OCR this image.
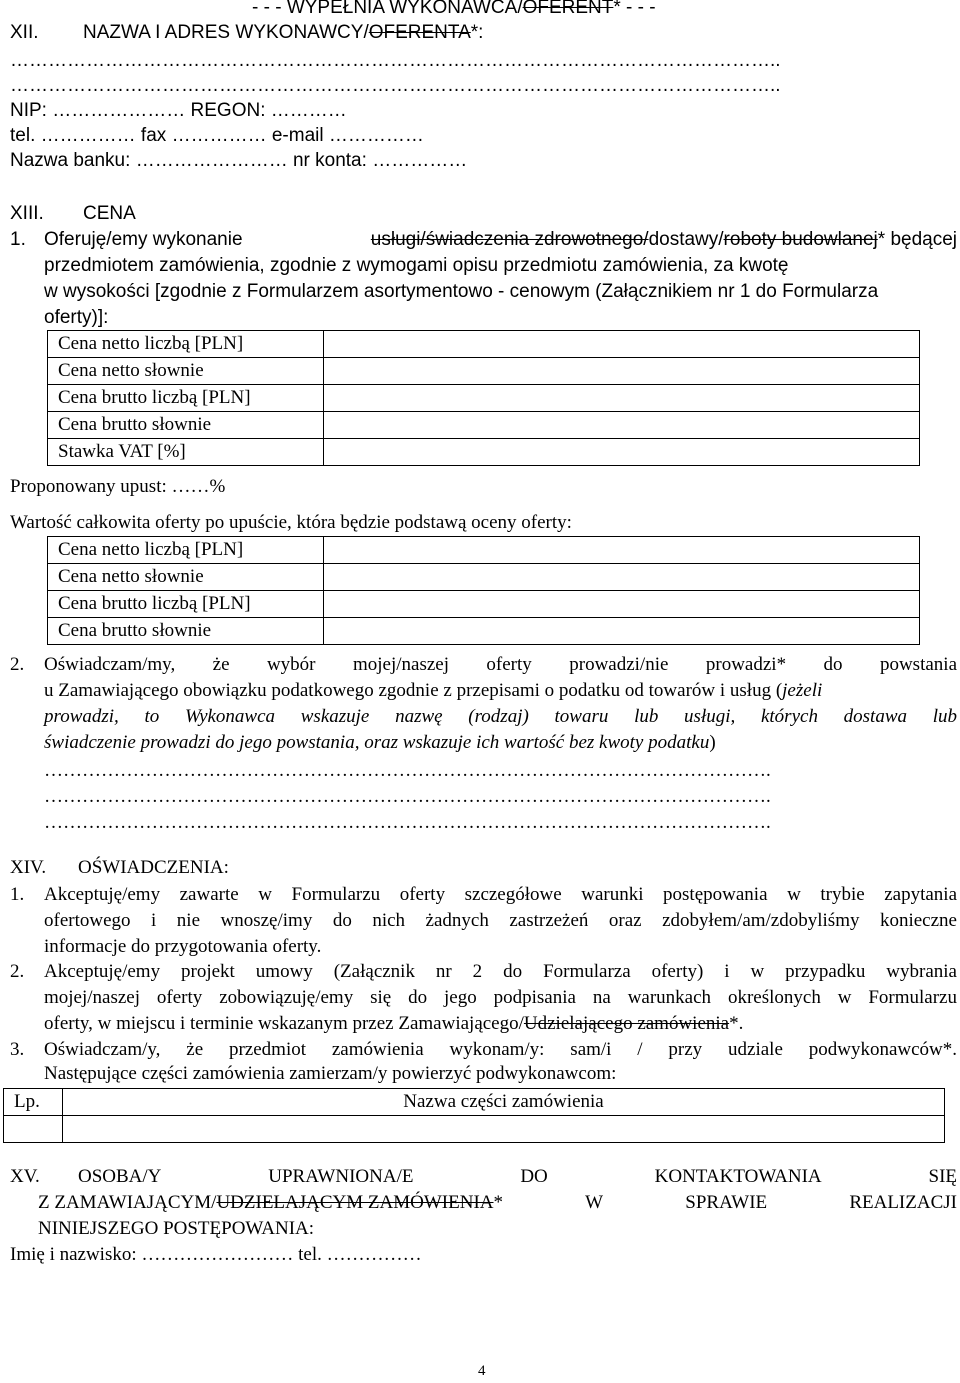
- - - WYPEŁNIA WYKONAWCA/OFERENT* - - -
XII. NAZWA I ADRES WYKONAWCY/OFERENTA*:
…………………………………………………………………………………………………………..
…………………………………………………………………………………………………………..
NIP: ………………… REGON: …………
tel. …………… fax …………… e-mail ……………
Nazwa banku: …………………… nr konta: ……………
XIII. CENA
1. Oferuję/emy wykonanie	usługi/świadczenia zdrowotnego/dostawy/roboty budowlanej* będącej
przedmiotem zamówienia, zgodnie z wymogami opisu przedmiotu zamówienia, za kwotę
w wysokości [zgodnie z Formularzem asortymentowo - cenowym (Załącznikiem nr 1 do Formularza
oferty)]:
Cena netto liczbą [PLN]	
Cena netto słownie	
Cena brutto liczbą [PLN]	
Cena brutto słownie	
Stawka VAT [%]	
Proponowany upust: ……%
Wartość całkowita oferty po upuście, która będzie podstawą oceny oferty:
Cena netto liczbą [PLN]	
Cena netto słownie	
Cena brutto liczbą [PLN]	
Cena brutto słownie	
2. Oświadczam/my, że wybór mojej/naszej oferty prowadzi/nie prowadzi* do powstania
u Zamawiającego obowiązku podatkowego zgodnie z przepisami o podatku od towarów i usług (jeżeli
prowadzi, to Wykonawca wskazuje nazwę (rodzaj) towaru lub usługi, których dostawa lub
świadczenie prowadzi do jego powstania, oraz wskazuje ich wartość bez kwoty podatku)
…………………………………………………………………………………………………….
…………………………………………………………………………………………………….
…………………………………………………………………………………………………….
XIV. OŚWIADCZENIA:
1. Akceptuję/emy zawarte w Formularzu oferty szczegółowe warunki postępowania w trybie zapytania
ofertowego i nie wnoszę/imy do nich żadnych zastrzeżeń oraz zdobyłem/am/zdobyliśmy konieczne
informacje do przygotowania oferty.
2. Akceptuję/emy projekt umowy (Załącznik nr 2 do Formularza oferty) i w przypadku wybrania
mojej/naszej oferty zobowiązuję/emy się do jego podpisania na warunkach określonych w Formularzu
oferty, w miejscu i terminie wskazanym przez Zamawiającego/Udzielającego zamówienia*.
3. Oświadczam/y, że przedmiot zamówienia wykonam/y: sam/i / przy udziale podwykonawców*.
Następujące części zamówienia zamierzam/y powierzyć podwykonawcom:
Lp.	Nazwa części zamówienia

XV. OSOBA/Y	UPRAWNIONA/E	DO	KONTAKTOWANIA	SIĘ
Z ZAMAWIAJĄCYM/UDZIELAJĄCYM ZAMÓWIENIA*	W	SPRAWIE	REALIZACJI
NINIEJSZEGO POSTĘPOWANIA:
Imię i nazwisko: …………………… tel. ……………
4
